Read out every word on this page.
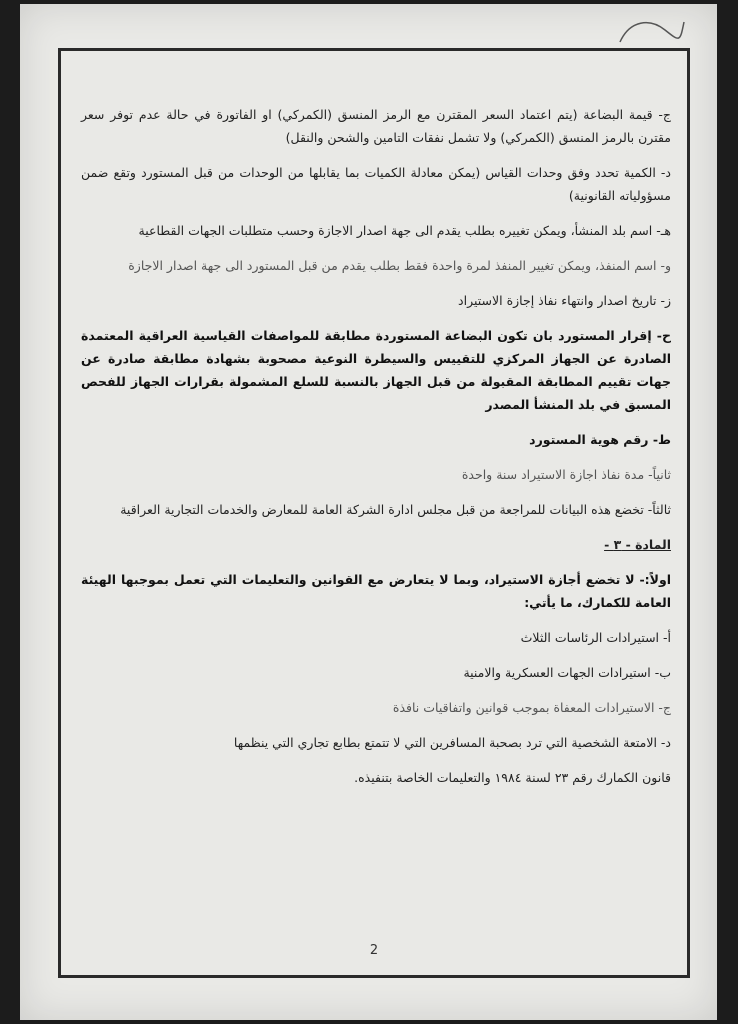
ج- قيمة البضاعة (يتم اعتماد السعر المقترن مع الرمز المنسق (الكمركي) او الفاتورة في حالة عدم توفر سعر مقترن بالرمز المنسق (الكمركي) ولا تشمل نفقات التامين والشحن والنقل)

د- الكمية تحدد وفق وحدات القياس (يمكن معادلة الكميات بما يقابلها من الوحدات من قبل المستورد وتقع ضمن مسؤولياته القانونية)

هـ- اسم بلد المنشأ، ويمكن تغييره بطلب يقدم الى جهة اصدار الاجازة وحسب متطلبات الجهات القطاعية

و- اسم المنفذ، ويمكن تغيير المنفذ لمرة واحدة فقط بطلب يقدم من قبل المستورد الى جهة اصدار الاجازة

ز- تاريخ اصدار وانتهاء نفاذ إجازة الاستيراد

ح- إقرار المستورد بان تكون البضاعة المستوردة مطابقة للمواصفات القياسية العراقية المعتمدة الصادرة عن الجهاز المركزي للتقييس والسيطرة النوعية مصحوبة بشهادة مطابقة صادرة عن جهات تقييم المطابقة المقبولة من قبل الجهاز بالنسبة للسلع المشمولة بقرارات الجهاز للفحص المسبق في بلد المنشأ المصدر

ط- رقم هوية المستورد

ثانياً- مدة نفاذ اجازة الاستيراد سنة واحدة

ثالثاً- تخضع هذه البيانات للمراجعة من قبل مجلس ادارة الشركة العامة للمعارض والخدمات التجارية العراقية

المادة - ٣ -

اولاً:- لا تخضع أجازة الاستيراد، وبما لا يتعارض مع القوانين والتعليمات التي تعمل بموجبها الهيئة العامة للكمارك، ما يأتي:

أ- استيرادات الرئاسات الثلاث

ب- استيرادات الجهات العسكرية والامنية

ج- الاستيرادات المعفاة بموجب قوانين واتفاقيات نافذة

د- الامتعة الشخصية التي ترد بصحبة المسافرين التي لا تتمتع بطابع تجاري التي ينظمها

قانون الكمارك رقم ٢٣ لسنة ١٩٨٤ والتعليمات الخاصة بتنفيذه.

2
